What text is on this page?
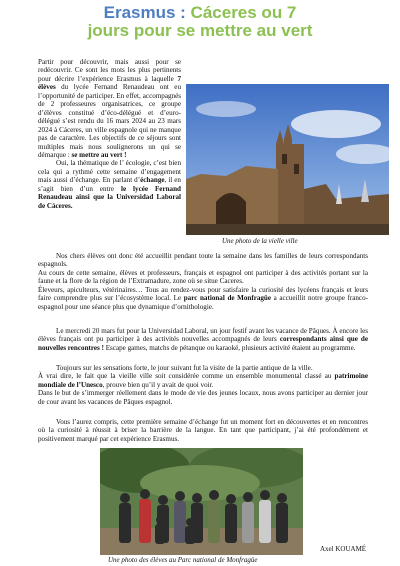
Erasmus : Cáceres ou 7
jours pour se mettre au vert

Partir pour découvrir, mais aussi pour se redécouvrir. Ce sont les mots les plus pertinents pour décrire l’expérience Erasmus à laquelle 7 élèves du lycée Fernand Renaudeau ont eu l’opportunité de participer. En effet, accompagnés de 2 professeures organisatrices, ce groupe d’élèves constitué d’éco-délégué et d’euro-délégué s’est rendu du 16 mars 2024 au 23 mars 2024 à Cáceres, un ville espagnole qui ne manque pas de caractère. Les objectifs de ce séjours sont multiples mais nous soulignerons un qui se démarque : se mettre au vert !

Oui, la thématique de l’ écologie, c’est bien cela qui a rythmé cette semaine d’engagement mais aussi d’échange. En parlant d’échange, il en s’agit bien d’un entre le lycée Fernand Renaudeau ainsi que la Universidad Laboral de Cáceres.

Une photo de la vielle ville

Nos chers élèves ont donc été accueillit pendant toute la semaine dans les familles de leurs correspondants espagnols.

Au cours de cette semaine, élèves et professeurs, français et espagnol ont participer à des activités portant sur la faune et la flore de la région de l’Extramadure, zone où se situe Caceres.

Éleveurs, apiculteurs, vétérinaires… Tous au rendez-vous pour satisfaire la curiosité des lycéens français et leurs faire comprendre plus sur l’écosystème local. Le parc national de Monfragüe a accueillit notre groupe franco-espagnol pour une séance plus que dynamique d’ornithologie.

Le mercredi 20 mars fut pour la Universidad Laboral, un jour festif avant les vacance de Pâques. À encore les élèves français ont pu participer à des activités nouvelles accompagnés de leurs correspondants ainsi que de nouvelles rencontres ! Escape games, matchs de pétanque ou karaoké, plusieurs activité étaient au programme.

Toujours sur les sensations forte, le jour suivant fut la visite de la partie antique de la ville.

À vrai dire, le fait que la vieille ville soit considérée comme un ensemble monumental classé au patrimoine mondiale de l’Unesco, prouve bien qu’il y avait de quoi voir.

Dans le but de s’immerger réellement dans le mode de vie des jeunes locaux, nous avons participer au dernier jour de cour avant les vacances de Pâques espagnol.

Vous l’aurez compris, cette première semaine d’échange fut un moment fort en découvertes et en rencontres où la curiosité à réussit à briser la barrière de la langue. En tant que participant, j’ai été profondément et positivement marqué par cet expérience Erasmus.

Une photo des élèves au Parc national de Monfragüe
Axel KOUAMÉ
